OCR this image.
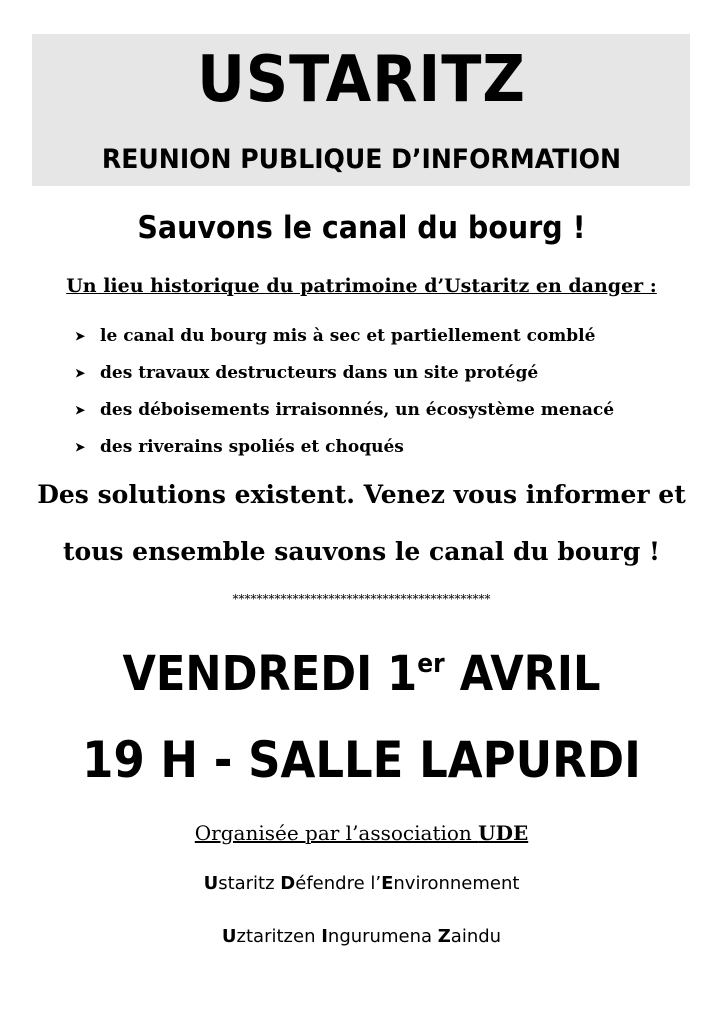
USTARITZ
REUNION PUBLIQUE D’INFORMATION
Sauvons le canal du bourg !
Un lieu historique du patrimoine d’Ustaritz en danger :
➤ le canal du bourg mis à sec et partiellement comblé
➤ des travaux destructeurs dans un site protégé
➤ des déboisements irraisonnés, un écosystème menacé
➤ des riverains spoliés et choqués
Des solutions existent. Venez vous informer et
tous ensemble sauvons le canal du bourg !
*******************************************
VENDREDI 1er AVRIL
19 H - SALLE LAPURDI
Organisée par l’association UDE
Ustaritz Défendre l’Environnement
Uztaritzen Ingurumena Zaindu
